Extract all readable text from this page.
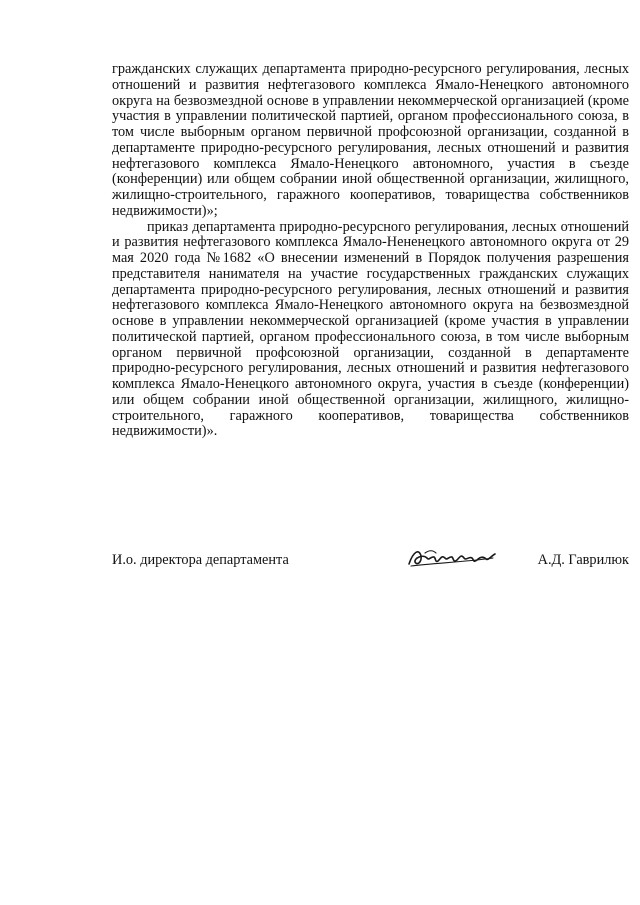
гражданских служащих департамента природно-ресурсного регулирования, лесных отношений и развития нефтегазового комплекса Ямало-Ненецкого автономного округа на безвозмездной основе в управлении некоммерческой организацией (кроме участия в управлении политической партией, органом профессионального союза, в том числе выборным органом первичной профсоюзной организации, созданной в департаменте природно-ресурсного регулирования, лесных отношений и развития нефтегазового комплекса Ямало-Ненецкого автономного, участия в съезде (конференции) или общем собрании иной общественной организации, жилищного, жилищно-строительного, гаражного кооперативов, товарищества собственников недвижимости)»;

приказ департамента природно-ресурсного регулирования, лесных отношений и развития нефтегазового комплекса Ямало-Нененецкого автономного округа от 29 мая 2020 года №1682 «О внесении изменений в Порядок получения разрешения представителя нанимателя на участие государственных гражданских служащих департамента природно-ресурсного регулирования, лесных отношений и развития нефтегазового комплекса Ямало-Ненецкого автономного округа на безвозмездной основе в управлении некоммерческой организацией (кроме участия в управлении политической партией, органом профессионального союза, в том числе выборным органом первичной профсоюзной организации, созданной в департаменте природно-ресурсного регулирования, лесных отношений и развития нефтегазового комплекса Ямало-Ненецкого автономного округа, участия в съезде (конференции) или общем собрании иной общественной организации, жилищного, жилищно-строительного, гаражного кооперативов, товарищества собственников недвижимости)».

И.о. директора департамента	А.Д. Гаврилюк
